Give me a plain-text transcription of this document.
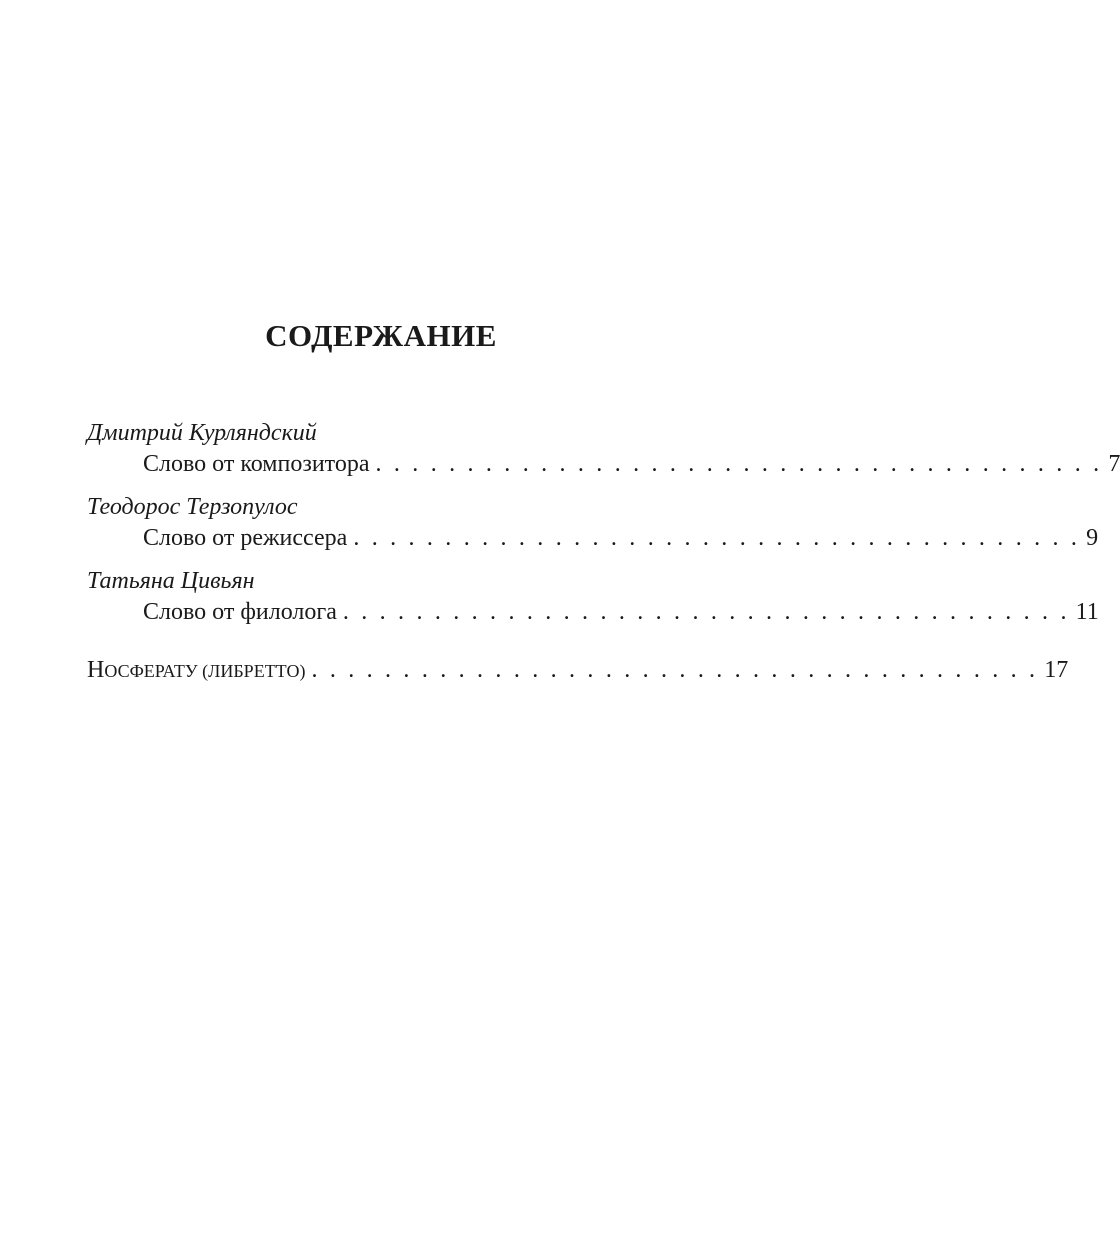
СОДЕРЖАНИЕ
Дмитрий Курляндский
Слово от композитора . . . . . . . . . . . . . . . . . . . . . . . . . . . . . . . . . . . . . . . . 7
Теодорос Терзопулос
Слово от режиссера . . . . . . . . . . . . . . . . . . . . . . . . . . . . . . . . . . . . . . . . 9
Татьяна Цивьян
Слово от филолога . . . . . . . . . . . . . . . . . . . . . . . . . . . . . . . . . . . . . . . . 11
НОСФЕРАТУ (ЛИБРЕТТО) . . . . . . . . . . . . . . . . . . . . . . . . . . . . . . . . . . . . . . . . 17
